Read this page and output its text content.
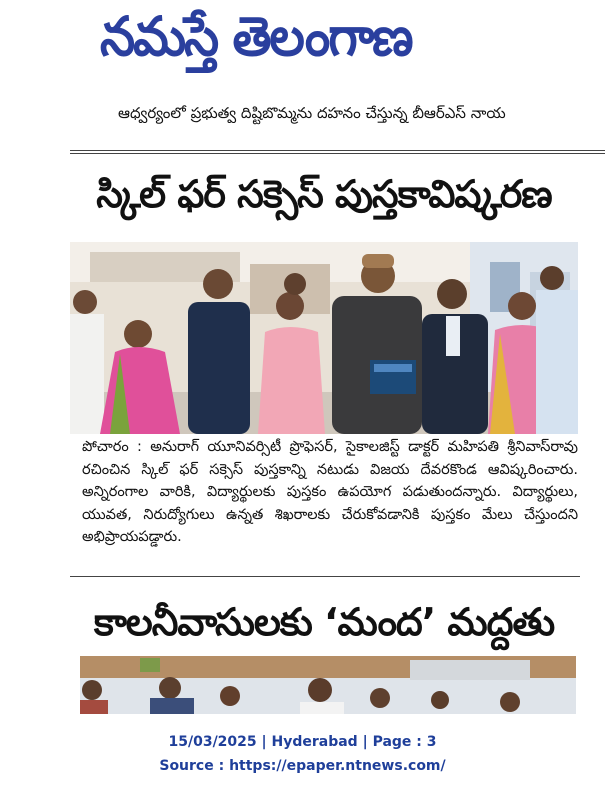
నమస్తే తెలంగాణ
ఆధ్వర్యంలో ప్రభుత్వ దిష్టిబొమ్మను దహనం చేస్తున్న బీఆర్‌ఎస్ నాయ
స్కిల్ ఫర్ సక్సెస్ పుస్తకావిష్కరణ

పోచారం : అనురాగ్ యూనివర్సిటీ ప్రొఫెసర్, సైకాలజిస్ట్ డాక్టర్ మహిపతి శ్రీనివాస్‌రావు రచించిన స్కిల్ ఫర్ సక్సెస్ పుస్తకాన్ని నటుడు విజయ దేవరకొండ ఆవిష్కరించారు. అన్నిరంగాల వారికి, విద్యార్థులకు పుస్తకం ఉపయోగ పడుతుందన్నారు. విద్యార్థులు, యువత, నిరుద్యోగులు ఉన్నత శిఖరాలకు చేరుకోవడానికి పుస్తకం మేలు చేస్తుందని అభిప్రాయపడ్డారు.

కాలనీవాసులకు ‘మంద’ మద్దతు
15/03/2025 | Hyderabad | Page : 3
Source : https://epaper.ntnews.com/
